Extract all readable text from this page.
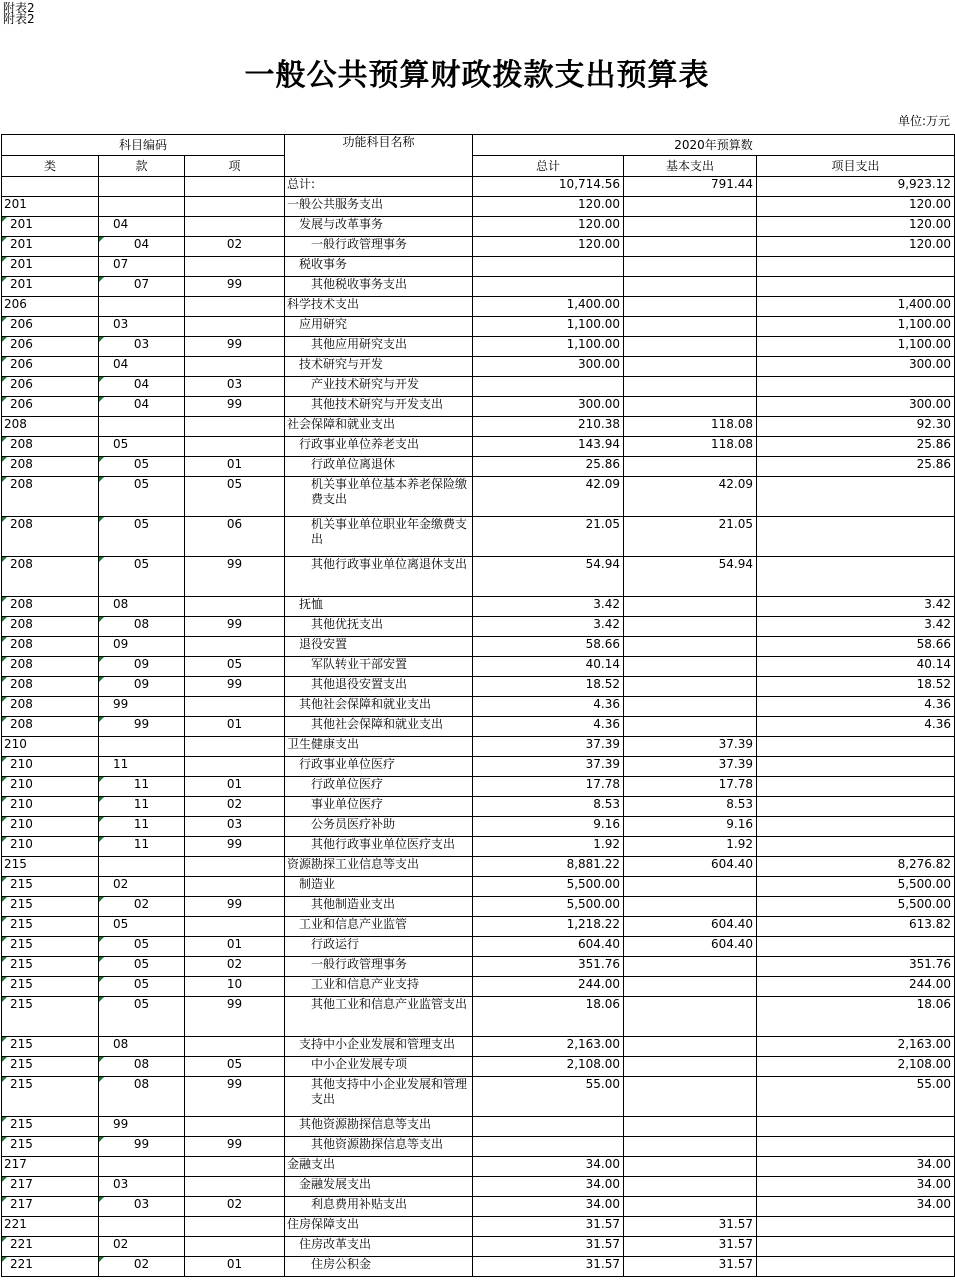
附表2
附表2
一般公共预算财政拨款支出预算表
单位:万元
科目编码			功能科目名称	2020年预算数		
类	款	项		总计	基本支出	项目支出
			总计:	10,714.56	791.44	9,923.12
201			一般公共服务支出	120.00		120.00
201	04		发展与改革事务	120.00		120.00
201	04	02	一般行政管理事务	120.00		120.00
201	07		税收事务			
201	07	99	其他税收事务支出			
206			科学技术支出	1,400.00		1,400.00
206	03		应用研究	1,100.00		1,100.00
206	03	99	其他应用研究支出	1,100.00		1,100.00
206	04		技术研究与开发	300.00		300.00
206	04	03	产业技术研究与开发			
206	04	99	其他技术研究与开发支出	300.00		300.00
208			社会保障和就业支出	210.38	118.08	92.30
208	05		行政事业单位养老支出	143.94	118.08	25.86
208	05	01	行政单位离退休	25.86		25.86
208	05	05	机关事业单位基本养老保险缴费支出	42.09	42.09	
208	05	06	机关事业单位职业年金缴费支出	21.05	21.05	
208	05	99	其他行政事业单位离退休支出	54.94	54.94	
208	08		抚恤	3.42		3.42
208	08	99	其他优抚支出	3.42		3.42
208	09		退役安置	58.66		58.66
208	09	05	军队转业干部安置	40.14		40.14
208	09	99	其他退役安置支出	18.52		18.52
208	99		其他社会保障和就业支出	4.36		4.36
208	99	01	其他社会保障和就业支出	4.36		4.36
210			卫生健康支出	37.39	37.39	
210	11		行政事业单位医疗	37.39	37.39	
210	11	01	行政单位医疗	17.78	17.78	
210	11	02	事业单位医疗	8.53	8.53	
210	11	03	公务员医疗补助	9.16	9.16	
210	11	99	其他行政事业单位医疗支出	1.92	1.92	
215			资源勘探工业信息等支出	8,881.22	604.40	8,276.82
215	02		制造业	5,500.00		5,500.00
215	02	99	其他制造业支出	5,500.00		5,500.00
215	05		工业和信息产业监管	1,218.22	604.40	613.82
215	05	01	行政运行	604.40	604.40	
215	05	02	一般行政管理事务	351.76		351.76
215	05	10	工业和信息产业支持	244.00		244.00
215	05	99	其他工业和信息产业监管支出	18.06		18.06
215	08		支持中小企业发展和管理支出	2,163.00		2,163.00
215	08	05	中小企业发展专项	2,108.00		2,108.00
215	08	99	其他支持中小企业发展和管理支出	55.00		55.00
215	99		其他资源勘探信息等支出			
215	99	99	其他资源勘探信息等支出			
217			金融支出	34.00		34.00
217	03		金融发展支出	34.00		34.00
217	03	02	利息费用补贴支出	34.00		34.00
221			住房保障支出	31.57	31.57	
221	02		住房改革支出	31.57	31.57	
221	02	01	住房公积金	31.57	31.57	
